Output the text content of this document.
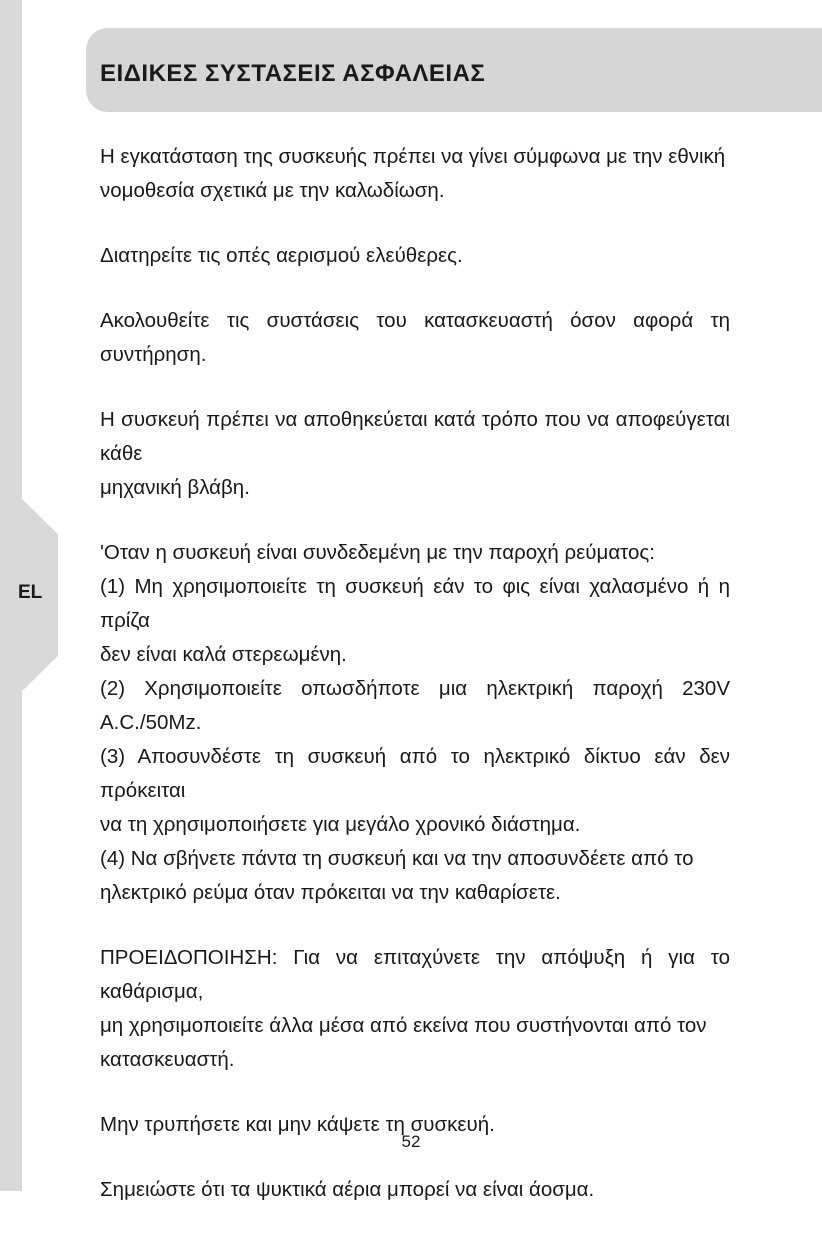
EL
ΕΙΔΙΚΕΣ ΣΥΣΤΑΣΕΙΣ ΑΣΦΑΛΕΙΑΣ

Η εγκατάσταση της συσκευής πρέπει να γίνει σύμφωνα με την εθνική
νομοθεσία σχετικά με την καλωδίωση.

Διατηρείτε τις οπές αερισμού ελεύθερες.

Ακολουθείτε τις συστάσεις του κατασκευαστή όσον αφορά τη συντήρηση.

Η συσκευή πρέπει να αποθηκεύεται κατά τρόπο που να αποφεύγεται κάθε
μηχανική βλάβη.

'Οταν η συσκευή είναι συνδεδεμένη με την παροχή ρεύματος:
(1) Μη χρησιμοποιείτε τη συσκευή εάν το φις είναι χαλασμένο ή η πρίζα
δεν είναι καλά στερεωμένη.
(2) Χρησιμοποιείτε οπωσδήποτε μια ηλεκτρική παροχή 230V A.C./50Mz.
(3) Αποσυνδέστε τη συσκευή από το ηλεκτρικό δίκτυο εάν δεν πρόκειται
να τη χρησιμοποιήσετε για μεγάλο χρονικό διάστημα.
(4) Να σβήνετε πάντα τη συσκευή και να την αποσυνδέετε από το
ηλεκτρικό ρεύμα όταν πρόκειται να την καθαρίσετε.

ΠΡΟΕΙΔΟΠΟΙΗΣΗ: Για να επιταχύνετε την απόψυξη ή για το καθάρισμα,
μη χρησιμοποιείτε άλλα μέσα από εκείνα που συστήνονται από τον
κατασκευαστή.

Μην τρυπήσετε και μην κάψετε τη συσκευή.

Σημειώστε ότι τα ψυκτικά αέρια μπορεί να είναι άοσμα.

52
